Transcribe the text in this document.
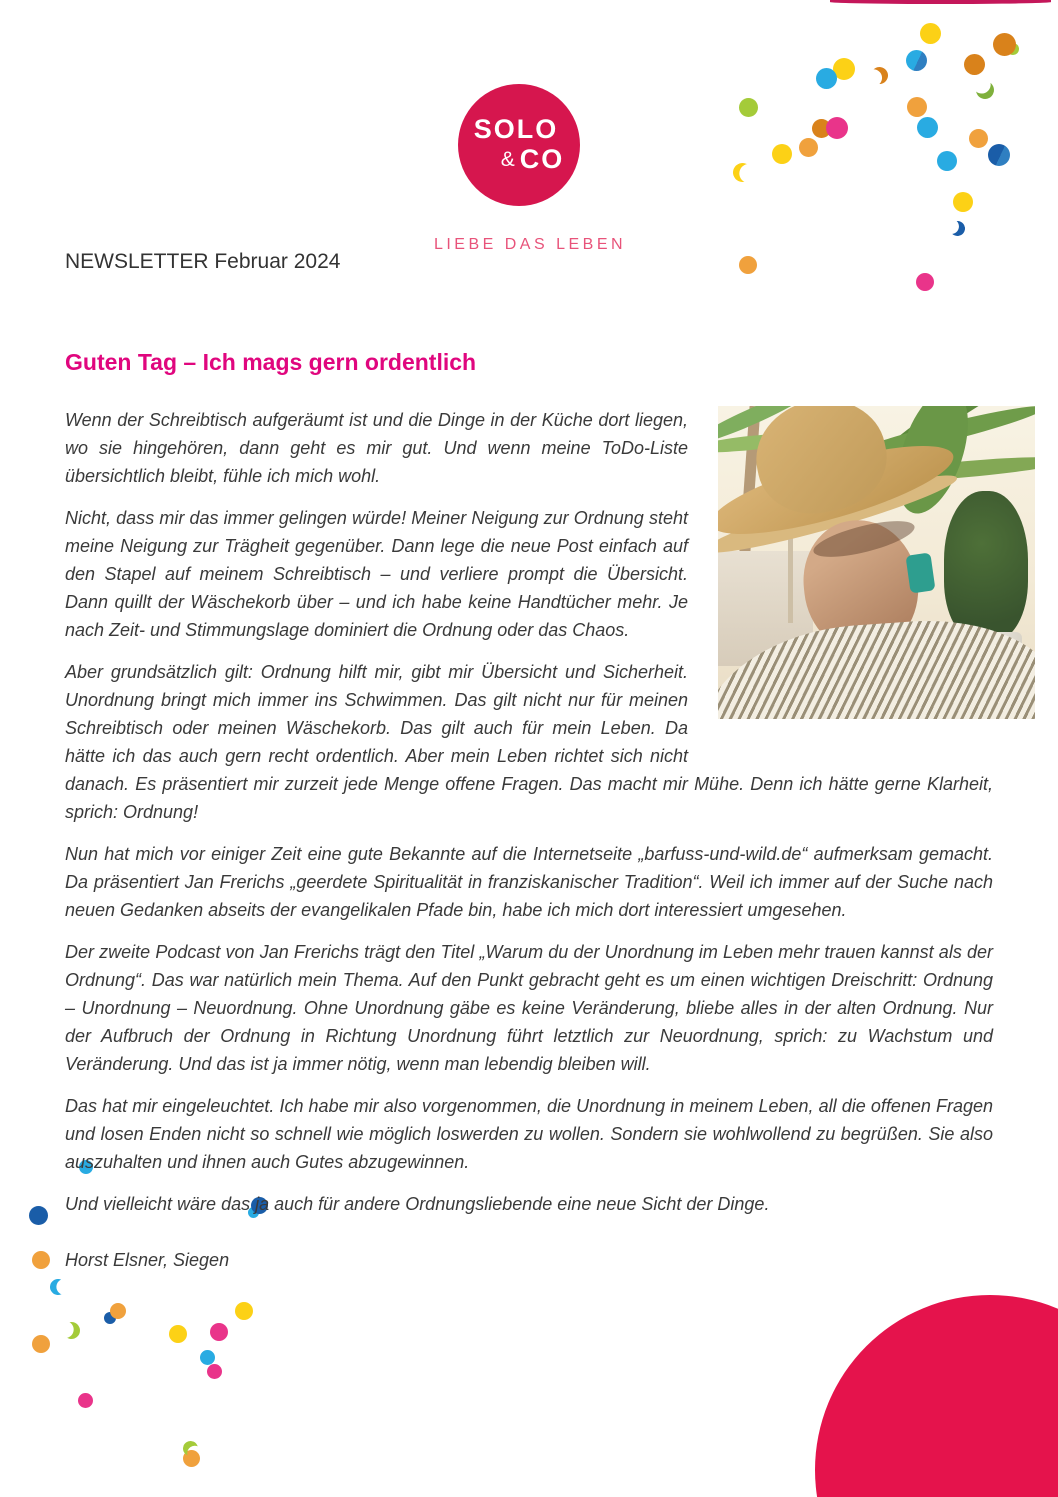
SOLO
& CO
LIEBE DAS LEBEN
NEWSLETTER Februar 2024
Guten Tag – Ich mags gern ordentlich

Wenn der Schreibtisch aufgeräumt ist und die Dinge in der Küche dort liegen, wo sie hingehören, dann geht es mir gut. Und wenn meine ToDo-Liste übersichtlich bleibt, fühle ich mich wohl.

Nicht, dass mir das immer gelingen würde! Meiner Neigung zur Ordnung steht meine Neigung zur Trägheit gegenüber. Dann lege die neue Post einfach auf den Stapel auf meinem Schreibtisch – und verliere prompt die Übersicht. Dann quillt der Wäschekorb über – und ich habe keine Handtücher mehr. Je nach Zeit- und Stimmungslage dominiert die Ordnung oder das Chaos.

Aber grundsätzlich gilt: Ordnung hilft mir, gibt mir Übersicht und Sicherheit. Unordnung bringt mich immer ins Schwimmen. Das gilt nicht nur für meinen Schreibtisch oder meinen Wäschekorb. Das gilt auch für mein Leben. Da hätte ich das auch gern recht ordentlich. Aber mein Leben richtet sich nicht danach. Es präsentiert mir zurzeit jede Menge offene Fragen. Das macht mir Mühe. Denn ich hätte gerne Klarheit, sprich: Ordnung!

Nun hat mich vor einiger Zeit eine gute Bekannte auf die Internetseite „barfuss-und-wild.de“ aufmerksam gemacht. Da präsentiert Jan Frerichs „geerdete Spiritualität in franziskanischer Tradition“. Weil ich immer auf der Suche nach neuen Gedanken abseits der evangelikalen Pfade bin, habe ich mich dort interessiert umgesehen.

Der zweite Podcast von Jan Frerichs trägt den Titel „Warum du der Unordnung im Leben mehr trauen kannst als der Ordnung“. Das war natürlich mein Thema. Auf den Punkt gebracht geht es um einen wichtigen Dreischritt: Ordnung – Unordnung – Neuordnung. Ohne Unordnung gäbe es keine Veränderung, bliebe alles in der alten Ordnung. Nur der Aufbruch der Ordnung in Richtung Unordnung führt letztlich zur Neuordnung, sprich: zu Wachstum und Veränderung. Und das ist ja immer nötig, wenn man lebendig bleiben will.

Das hat mir eingeleuchtet. Ich habe mir also vorgenommen, die Unordnung in meinem Leben, all die offenen Fragen und losen Enden nicht so schnell wie möglich loswerden zu wollen. Sondern sie wohlwollend zu begrüßen. Sie also auszuhalten und ihnen auch Gutes abzugewinnen.

Und vielleicht wäre das ja auch für andere Ordnungsliebende eine neue Sicht der Dinge.

Horst Elsner, Siegen
